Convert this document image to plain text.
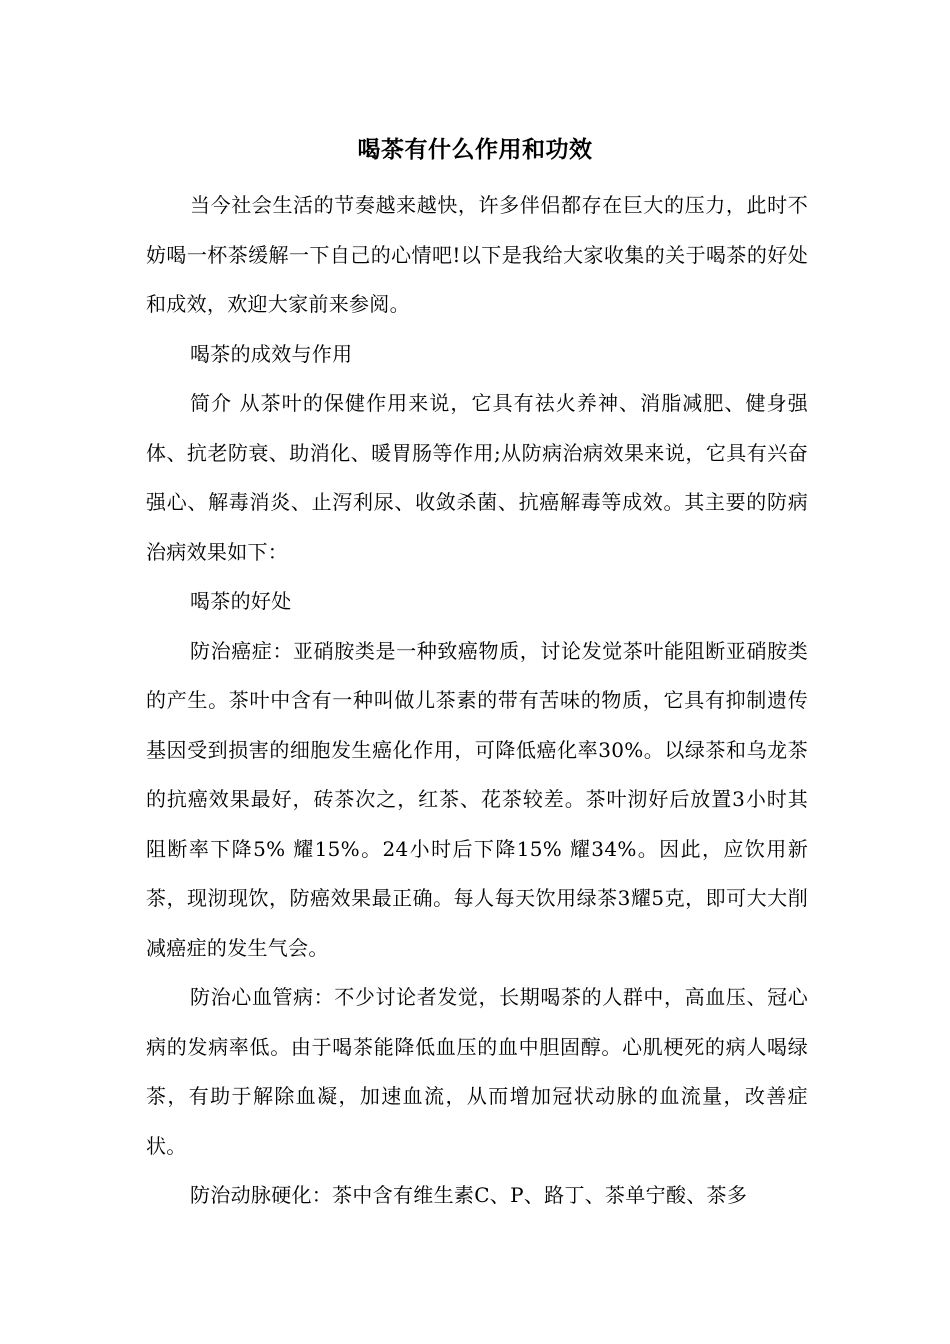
喝茶有什么作用和功效

当今社会生活的节奏越来越快，许多伴侣都存在巨大的压力，此时不妨喝一杯茶缓解一下自己的心情吧!以下是我给大家收集的关于喝茶的好处和成效，欢迎大家前来参阅。

喝茶的成效与作用

简介 从茶叶的保健作用来说，它具有祛火养神、消脂减肥、健身强体、抗老防衰、助消化、暖胃肠等作用;从防病治病效果来说，它具有兴奋强心、解毒消炎、止泻利尿、收敛杀菌、抗癌解毒等成效。其主要的防病治病效果如下：

喝茶的好处

防治癌症：亚硝胺类是一种致癌物质，讨论发觉茶叶能阻断亚硝胺类的产生。茶叶中含有一种叫做儿茶素的带有苦味的物质，它具有抑制遗传基因受到损害的细胞发生癌化作用，可降低癌化率30%。以绿茶和乌龙茶的抗癌效果最好，砖茶次之，红茶、花茶较差。茶叶沏好后放置3小时其阻断率下降5% 耀15%。24小时后下降15% 耀34%。因此，应饮用新茶，现沏现饮，防癌效果最正确。每人每天饮用绿茶3耀5克，即可大大削减癌症的发生气会。

防治心血管病：不少讨论者发觉，长期喝茶的人群中，高血压、冠心病的发病率低。由于喝茶能降低血压的血中胆固醇。心肌梗死的病人喝绿茶，有助于解除血凝，加速血流，从而增加冠状动脉的血流量，改善症状。

防治动脉硬化：茶中含有维生素C、P、路丁、茶单宁酸、茶多
